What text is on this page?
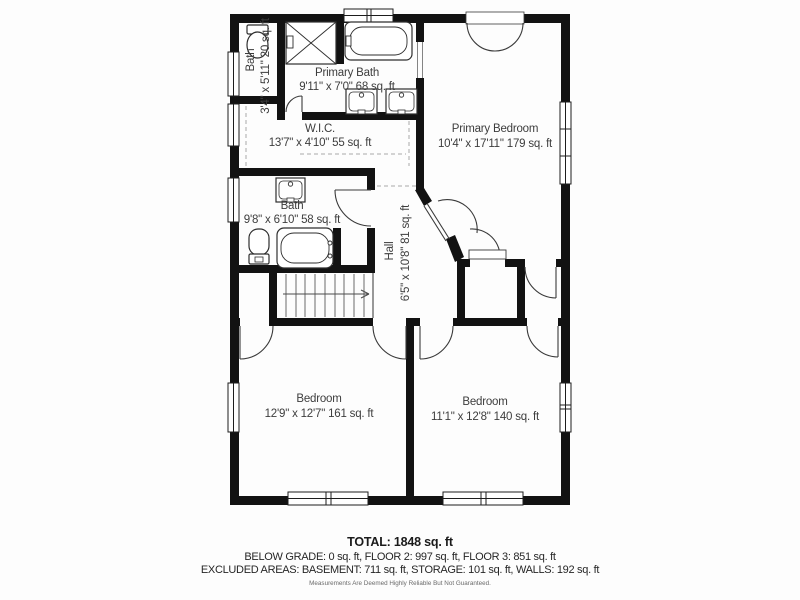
Bath 3'4" x 5'11" 20 sq. ft	Primary Bath
9'11" x 7'0" 68 sq. ft
W.I.C.
13'7" x 4'10" 55 sq. ft
Primary Bedroom
10'4" x 17'11" 179 sq. ft
Bath
9'8" x 6'10" 58 sq. ft
Hall 6'5" x 10'8" 81 sq. ft
Bedroom
12'9" x 12'7" 161 sq. ft
Bedroom
11'1" x 12'8" 140 sq. ft
TOTAL: 1848 sq. ft
BELOW GRADE: 0 sq. ft, FLOOR 2: 997 sq. ft, FLOOR 3: 851 sq. ft
EXCLUDED AREAS: BASEMENT: 711 sq. ft, STORAGE: 101 sq. ft, WALLS: 192 sq. ft
Measurements Are Deemed Highly Reliable But Not Guaranteed.
